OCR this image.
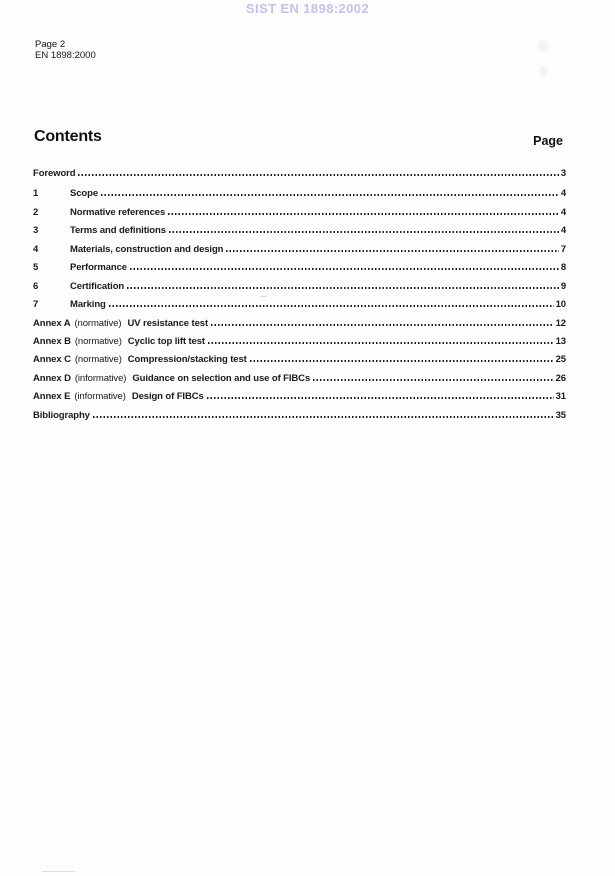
SIST EN 1898:2002
Page 2
EN 1898:2000
Contents	Page
Foreword	3
1	Scope	4
2	Normative references	4
3	Terms and definitions	4
4	Materials, construction and design	7
5	Performance	8
6	Certification	9
7	Marking	10
Annex A (normative) UV resistance test	12
Annex B (normative) Cyclic top lift test	13
Annex C (normative) Compression/stacking test	25
Annex D (informative) Guidance on selection and use of FIBCs	26
Annex E (informative) Design of FIBCs	31
Bibliography	35
